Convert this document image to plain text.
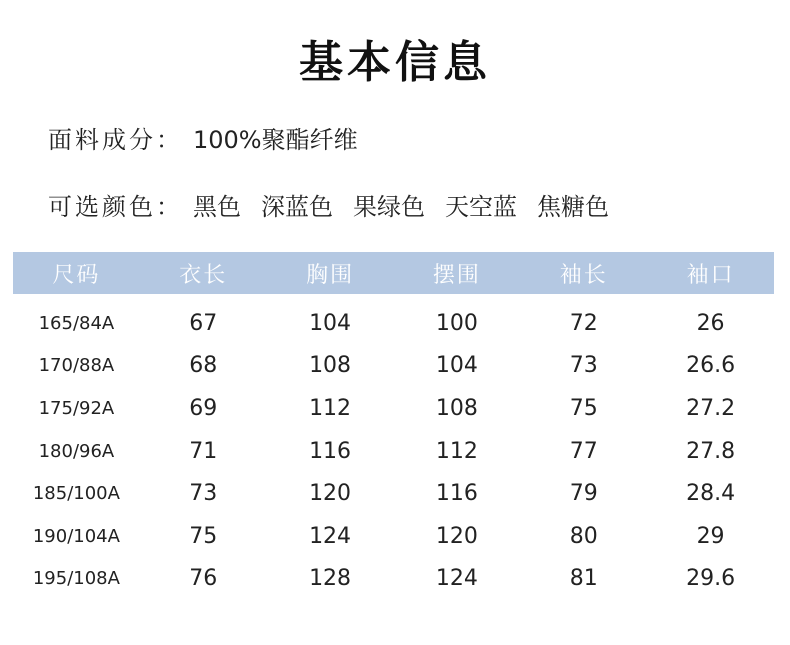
基本信息
面料成分： 100%聚酯纤维
可选颜色： 黑色 深蓝色 果绿色 天空蓝 焦糖色
尺码	衣长	胸围	摆围	袖长	袖口
165/84A	67	104	100	72	26
170/88A	68	108	104	73	26.6
175/92A	69	112	108	75	27.2
180/96A	71	116	112	77	27.8
185/100A	73	120	116	79	28.4
190/104A	75	124	120	80	29
195/108A	76	128	124	81	29.6
